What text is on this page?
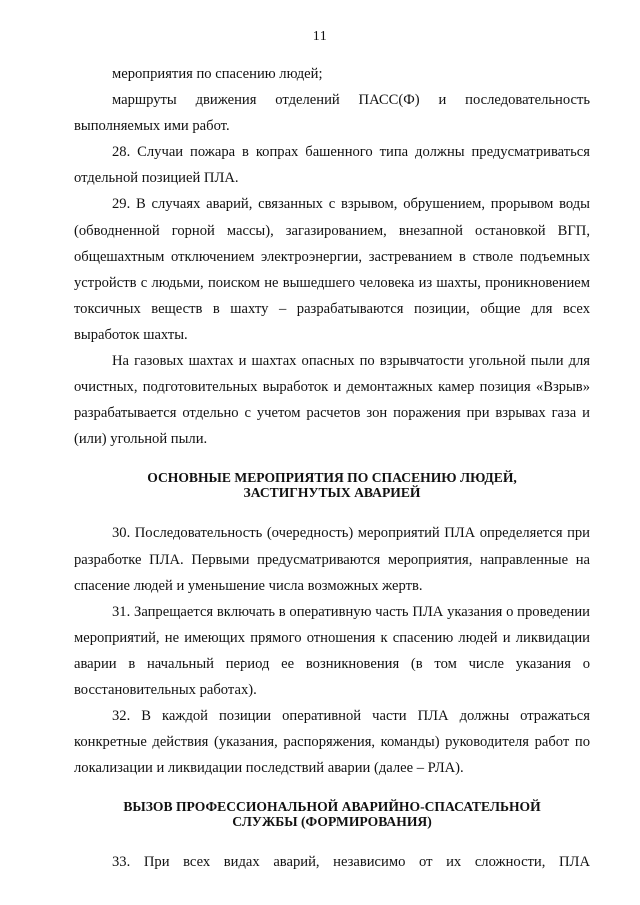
11

мероприятия по спасению людей;

маршруты движения отделений ПАСС(Ф) и последовательность выполняемых ими работ.

28. Случаи пожара в копрах башенного типа должны предусматриваться отдельной позицией ПЛА.

29. В случаях аварий, связанных с взрывом, обрушением, прорывом воды (обводненной горной массы), загазированием, внезапной остановкой ВГП, общешахтным отключением электроэнергии, застреванием в стволе подъемных устройств с людьми, поиском не вышедшего человека из шахты, проникновением токсичных веществ в шахту – разрабатываются позиции, общие для всех выработок шахты.

На газовых шахтах и шахтах опасных по взрывчатости угольной пыли для очистных, подготовительных выработок и демонтажных камер позиция «Взрыв» разрабатывается отдельно с учетом расчетов зон поражения при взрывах газа и (или) угольной пыли.

ОСНОВНЫЕ МЕРОПРИЯТИЯ ПО СПАСЕНИЮ ЛЮДЕЙ, ЗАСТИГНУТЫХ АВАРИЕЙ

30. Последовательность (очередность) мероприятий ПЛА определяется при разработке ПЛА. Первыми предусматриваются мероприятия, направленные на спасение людей и уменьшение числа возможных жертв.

31. Запрещается включать в оперативную часть ПЛА указания о проведении мероприятий, не имеющих прямого отношения к спасению людей и ликвидации аварии в начальный период ее возникновения (в том числе указания о восстановительных работах).

32. В каждой позиции оперативной части ПЛА должны отражаться конкретные действия (указания, распоряжения, команды) руководителя работ по локализации и ликвидации последствий аварии (далее – РЛА).

ВЫЗОВ ПРОФЕССИОНАЛЬНОЙ АВАРИЙНО-СПАСАТЕЛЬНОЙ СЛУЖБЫ (ФОРМИРОВАНИЯ)

33. При всех видах аварий, независимо от их сложности, ПЛА
